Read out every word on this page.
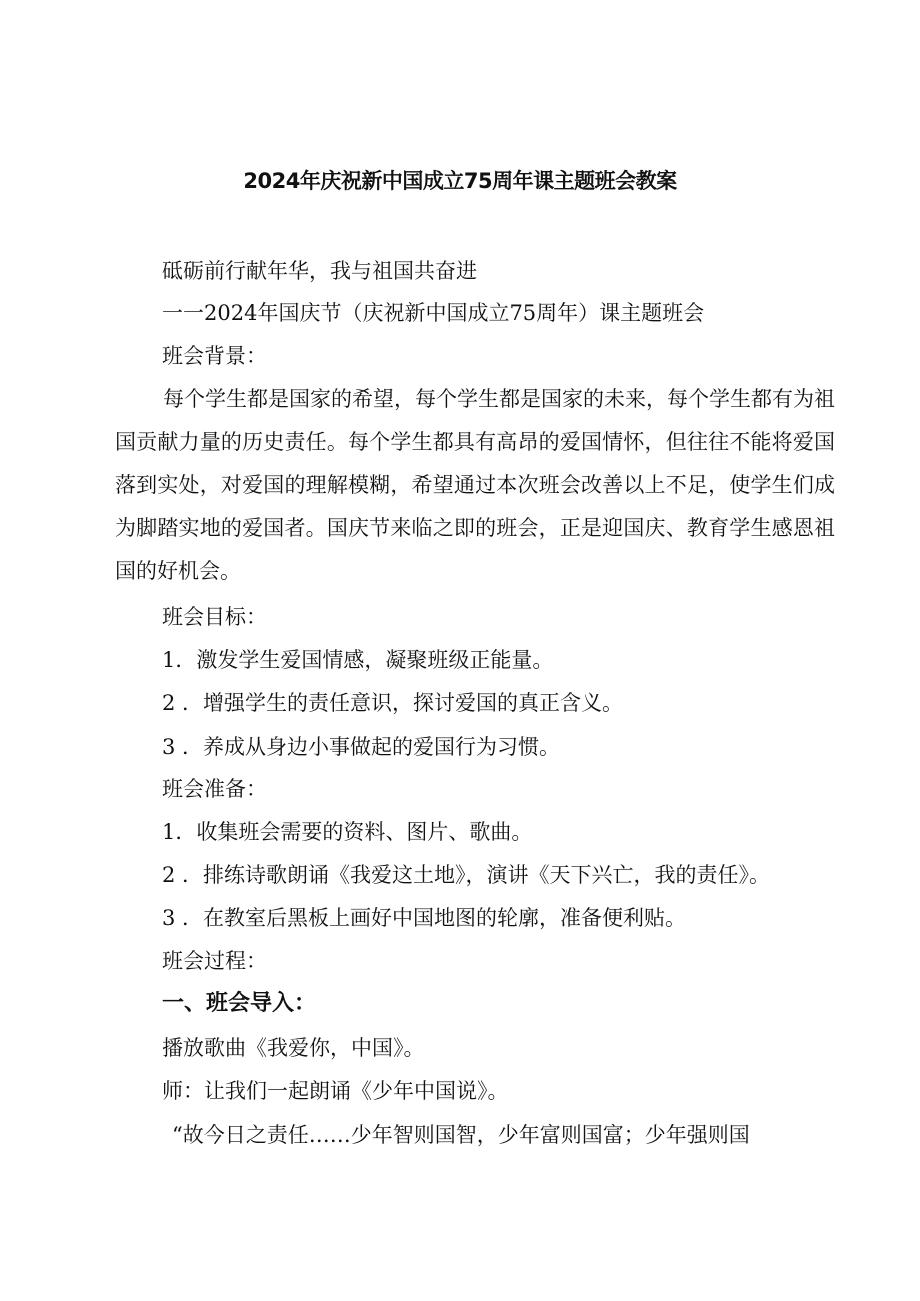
2024年庆祝新中国成立75周年课主题班会教案
砥砺前行献年华，我与祖国共奋进
一一2024年国庆节（庆祝新中国成立75周年）课主题班会
班会背景：
每个学生都是国家的希望，每个学生都是国家的未来，每个学生都有为祖国贡献力量的历史责任。每个学生都具有高昂的爱国情怀，但往往不能将爱国落到实处，对爱国的理解模糊，希望通过本次班会改善以上不足，使学生们成为脚踏实地的爱国者。国庆节来临之即的班会，正是迎国庆、教育学生感恩祖国的好机会。
班会目标：
1．激发学生爱国情感，凝聚班级正能量。
2 ．增强学生的责任意识，探讨爱国的真正含义。
3 ．养成从身边小事做起的爱国行为习惯。
班会准备：
1．收集班会需要的资料、图片、歌曲。
2 ．排练诗歌朗诵《我爱这土地》，演讲《天下兴亡，我的责任》。
3 ．在教室后黑板上画好中国地图的轮廓，准备便利贴。
班会过程：
一、班会导入：
播放歌曲《我爱你，中国》。
师：让我们一起朗诵《少年中国说》。
“故今日之责任……少年智则国智，少年富则国富；少年强则国
